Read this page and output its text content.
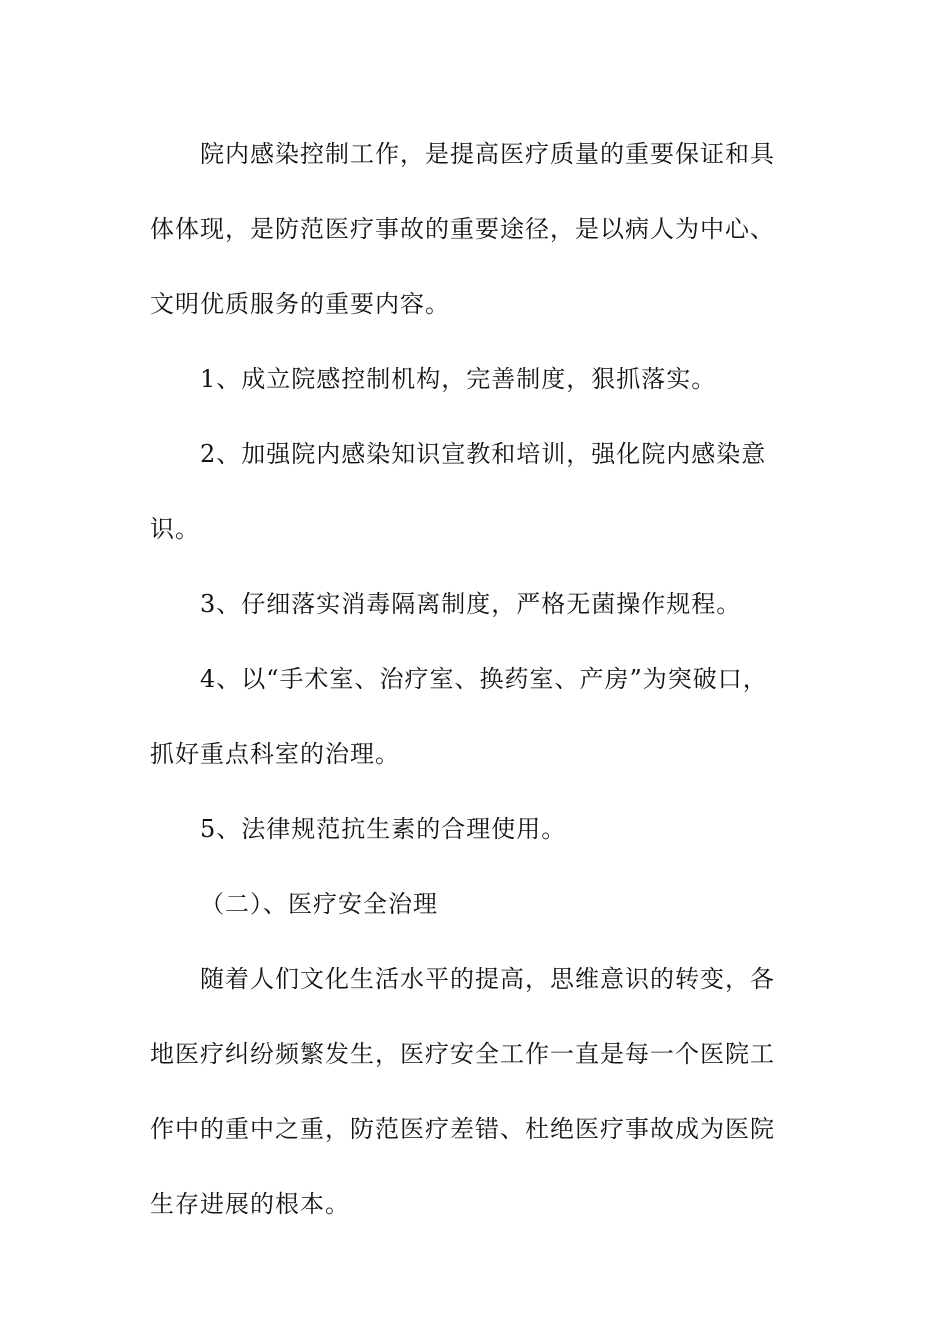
院内感染控制工作，是提高医疗质量的重要保证和具
体体现，是防范医疗事故的重要途径，是以病人为中心、
文明优质服务的重要内容。

1、成立院感控制机构，完善制度，狠抓落实。

2、加强院内感染知识宣教和培训，强化院内感染意
识。

3、仔细落实消毒隔离制度，严格无菌操作规程。

4、以“手术室、治疗室、换药室、产房”为突破口，
抓好重点科室的治理。

5、法律规范抗生素的合理使用。

（二）、医疗安全治理

随着人们文化生活水平的提高，思维意识的转变，各
地医疗纠纷频繁发生，医疗安全工作一直是每一个医院工
作中的重中之重，防范医疗差错、杜绝医疗事故成为医院
生存进展的根本。
